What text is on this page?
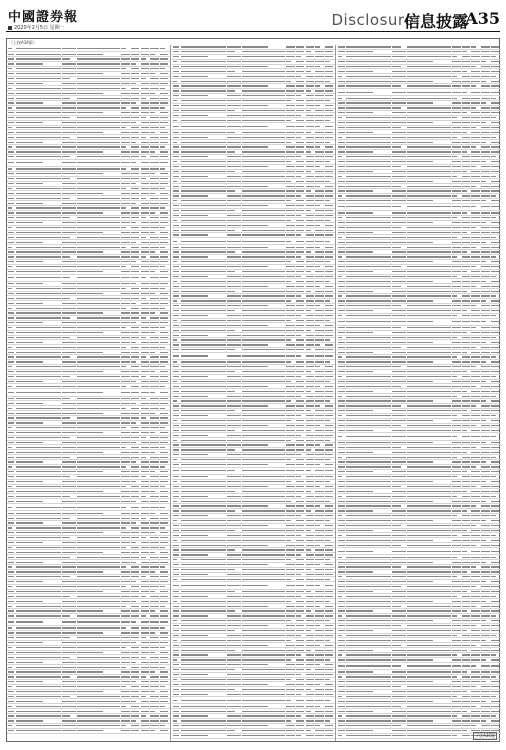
中國證券報
2020年2月5日 星期一	Disclosure
信息披露
A35
（上接A34版）
下转A36版
